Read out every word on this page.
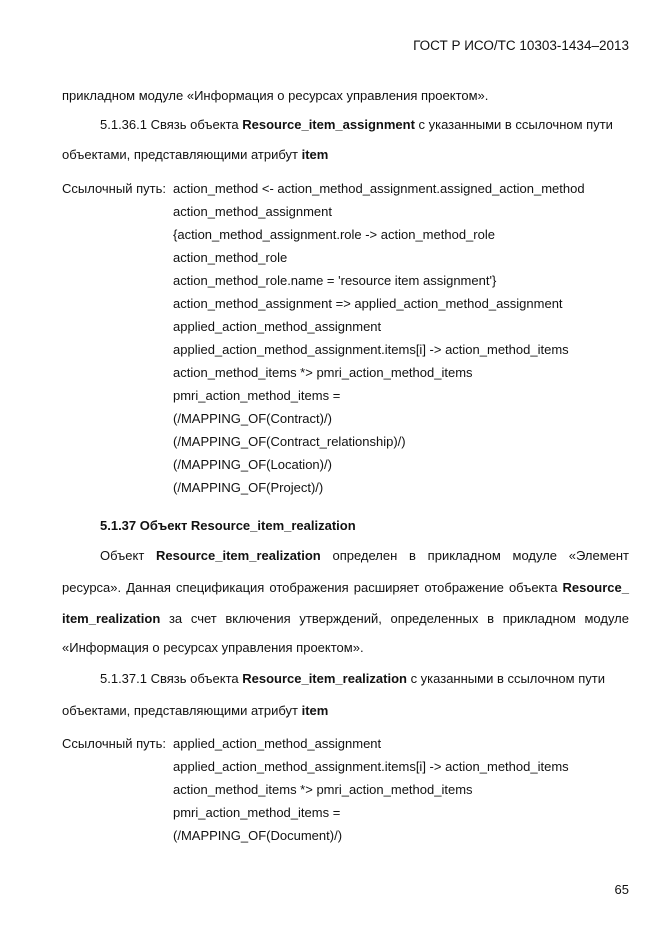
ГОСТ Р ИСО/ТС 10303-1434–2013
прикладном модуле «Информация о ресурсах управления проектом».
5.1.36.1 Связь объекта Resource_item_assignment с указанными в ссылочном пути
объектами, представляющими атрибут item
Ссылочный путь: action_method <- action_method_assignment.assigned_action_method
action_method_assignment
{action_method_assignment.role -> action_method_role
action_method_role
action_method_role.name = 'resource item assignment'}
action_method_assignment => applied_action_method_assignment
applied_action_method_assignment
applied_action_method_assignment.items[i] -> action_method_items
action_method_items *> pmri_action_method_items
pmri_action_method_items =
(/MAPPING_OF(Contract)/)
(/MAPPING_OF(Contract_relationship)/)
(/MAPPING_OF(Location)/)
(/MAPPING_OF(Project)/)
5.1.37 Объект Resource_item_realization
Объект Resource_item_realization определен в прикладном модуле «Элемент
ресурса». Данная спецификация отображения расширяет отображение объекта Resource_
item_realization за счет включения утверждений, определенных в прикладном модуле
«Информация о ресурсах управления проектом».
5.1.37.1 Связь объекта Resource_item_realization с указанными в ссылочном пути
объектами, представляющими атрибут item
Ссылочный путь: applied_action_method_assignment
applied_action_method_assignment.items[i] -> action_method_items
action_method_items *> pmri_action_method_items
pmri_action_method_items =
(/MAPPING_OF(Document)/)
65
